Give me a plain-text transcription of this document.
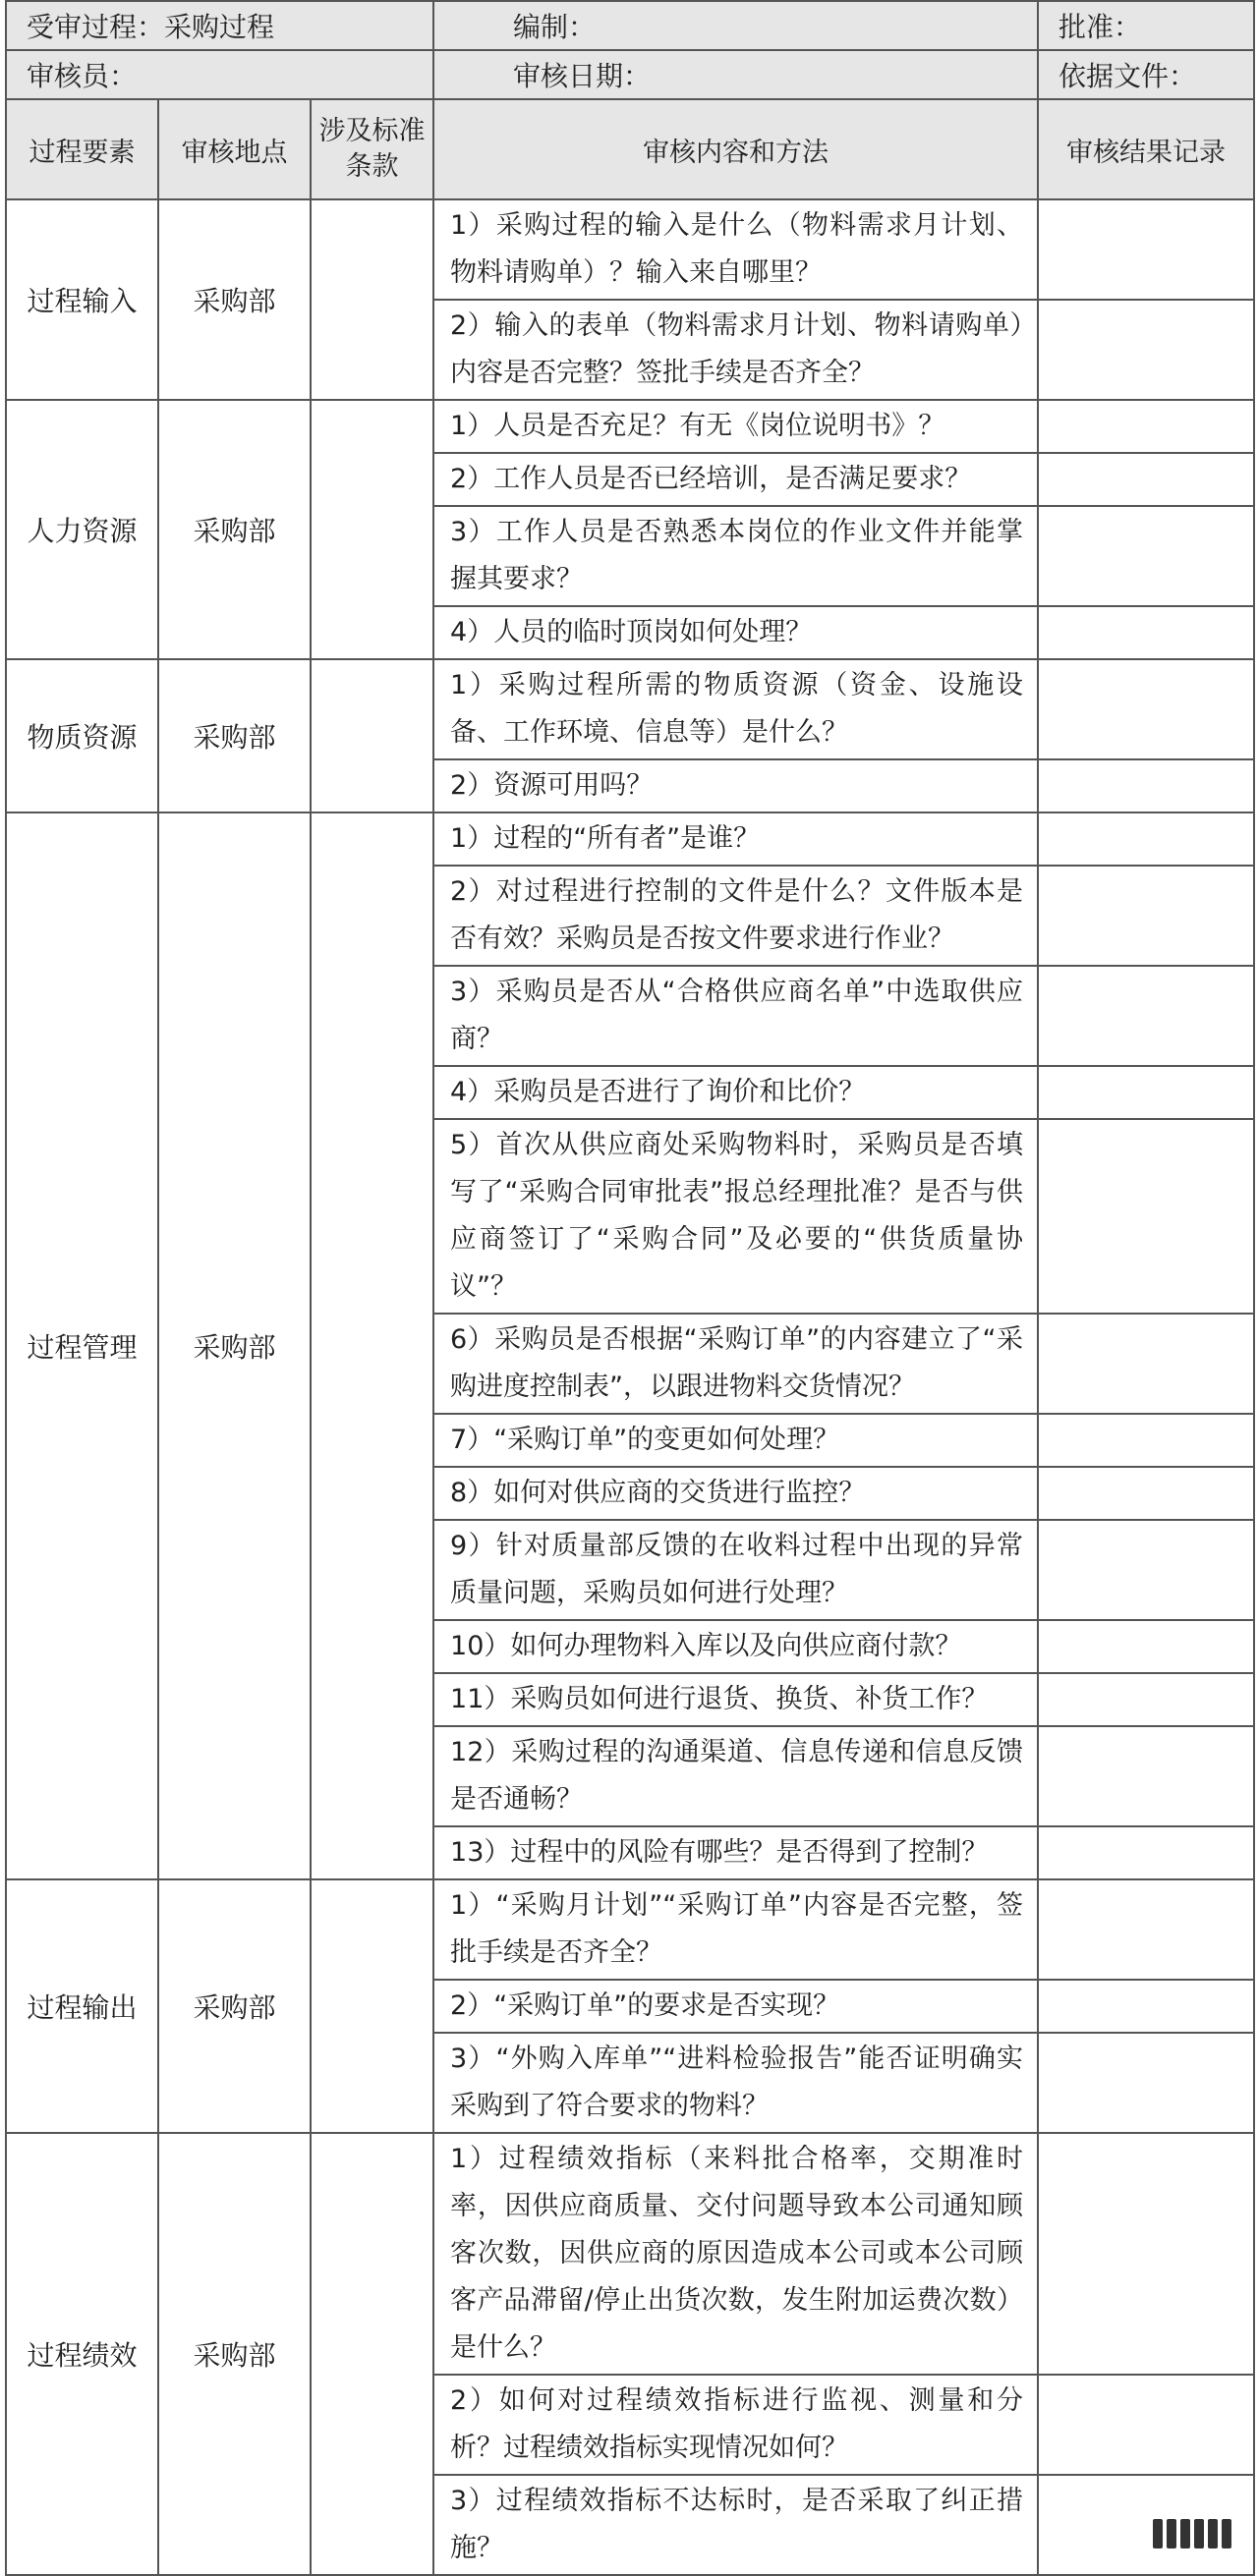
受审过程：采购过程			编制：	批准：
审核员：			审核日期：	依据文件：
过程要素	审核地点	涉及标准条款	审核内容和方法	审核结果记录
过程输入	采购部		1）采购过程的输入是什么（物料需求月计划、物料请购单）？输入来自哪里？	
			2）输入的表单（物料需求月计划、物料请购单）内容是否完整？签批手续是否齐全？	
人力资源	采购部		1）人员是否充足？有无《岗位说明书》？	
			2）工作人员是否已经培训，是否满足要求？	
			3）工作人员是否熟悉本岗位的作业文件并能掌握其要求？	
			4）人员的临时顶岗如何处理？	
物质资源	采购部		1）采购过程所需的物质资源（资金、设施设备、工作环境、信息等）是什么？	
			2）资源可用吗？	
过程管理	采购部		1）过程的“所有者”是谁？	
			2）对过程进行控制的文件是什么？文件版本是否有效？采购员是否按文件要求进行作业？	
			3）采购员是否从“合格供应商名单”中选取供应商？	
			4）采购员是否进行了询价和比价？	
			5）首次从供应商处采购物料时，采购员是否填写了“采购合同审批表”报总经理批准？是否与供应商签订了“采购合同”及必要的“供货质量协议”？	
			6）采购员是否根据“采购订单”的内容建立了“采购进度控制表”，以跟进物料交货情况？	
			7）“采购订单”的变更如何处理？	
			8）如何对供应商的交货进行监控？	
			9）针对质量部反馈的在收料过程中出现的异常质量问题，采购员如何进行处理？	
			10）如何办理物料入库以及向供应商付款？	
			11）采购员如何进行退货、换货、补货工作？	
			12）采购过程的沟通渠道、信息传递和信息反馈是否通畅？	
			13）过程中的风险有哪些？是否得到了控制？	
过程输出	采购部		1）“采购月计划”“采购订单”内容是否完整，签批手续是否齐全？	
			2）“采购订单”的要求是否实现？	
			3）“外购入库单”“进料检验报告”能否证明确实采购到了符合要求的物料？	
过程绩效	采购部		1）过程绩效指标（来料批合格率，交期准时率，因供应商质量、交付问题导致本公司通知顾客次数，因供应商的原因造成本公司或本公司顾客产品滞留/停止出货次数，发生附加运费次数）是什么？	
			2）如何对过程绩效指标进行监视、测量和分析？过程绩效指标实现情况如何？	
			3）过程绩效指标不达标时，是否采取了纠正措施？	
